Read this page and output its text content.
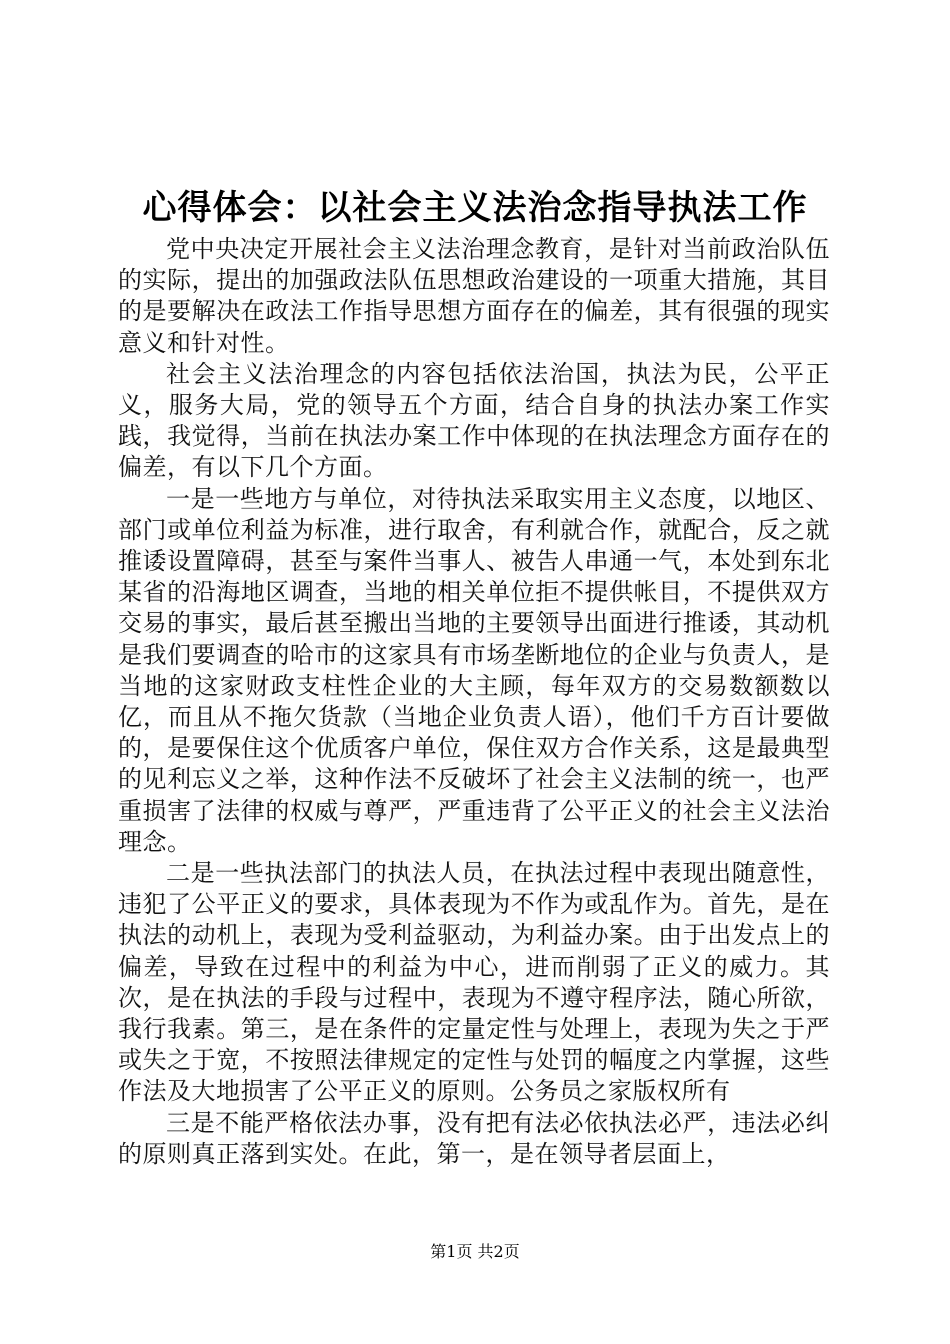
心得体会：以社会主义法治念指导执法工作

党中央决定开展社会主义法治理念教育，是针对当前政治队伍的实际，提出的加强政法队伍思想政治建设的一项重大措施，其目的是要解决在政法工作指导思想方面存在的偏差，其有很强的现实意义和针对性。

社会主义法治理念的内容包括依法治国，执法为民，公平正义，服务大局，党的领导五个方面，结合自身的执法办案工作实践，我觉得，当前在执法办案工作中体现的在执法理念方面存在的偏差，有以下几个方面。

一是一些地方与单位，对待执法采取实用主义态度，以地区、部门或单位利益为标准，进行取舍，有利就合作，就配合，反之就推诿设置障碍，甚至与案件当事人、被告人串通一气，本处到东北某省的沿海地区调查，当地的相关单位拒不提供帐目，不提供双方交易的事实，最后甚至搬出当地的主要领导出面进行推诿，其动机是我们要调查的哈市的这家具有市场垄断地位的企业与负责人，是当地的这家财政支柱性企业的大主顾，每年双方的交易数额数以亿，而且从不拖欠货款（当地企业负责人语），他们千方百计要做的，是要保住这个优质客户单位，保住双方合作关系，这是最典型的见利忘义之举，这种作法不反破坏了社会主义法制的统一，也严重损害了法律的权威与尊严，严重违背了公平正义的社会主义法治理念。

二是一些执法部门的执法人员，在执法过程中表现出随意性，违犯了公平正义的要求，具体表现为不作为或乱作为。首先，是在执法的动机上，表现为受利益驱动，为利益办案。由于出发点上的偏差，导致在过程中的利益为中心，进而削弱了正义的威力。其次，是在执法的手段与过程中，表现为不遵守程序法，随心所欲，我行我素。第三，是在条件的定量定性与处理上，表现为失之于严或失之于宽，不按照法律规定的定性与处罚的幅度之内掌握，这些作法及大地损害了公平正义的原则。公务员之家版权所有

三是不能严格依法办事，没有把有法必依执法必严，违法必纠的原则真正落到实处。在此，第一，是在领导者层面上，

第1页 共2页
